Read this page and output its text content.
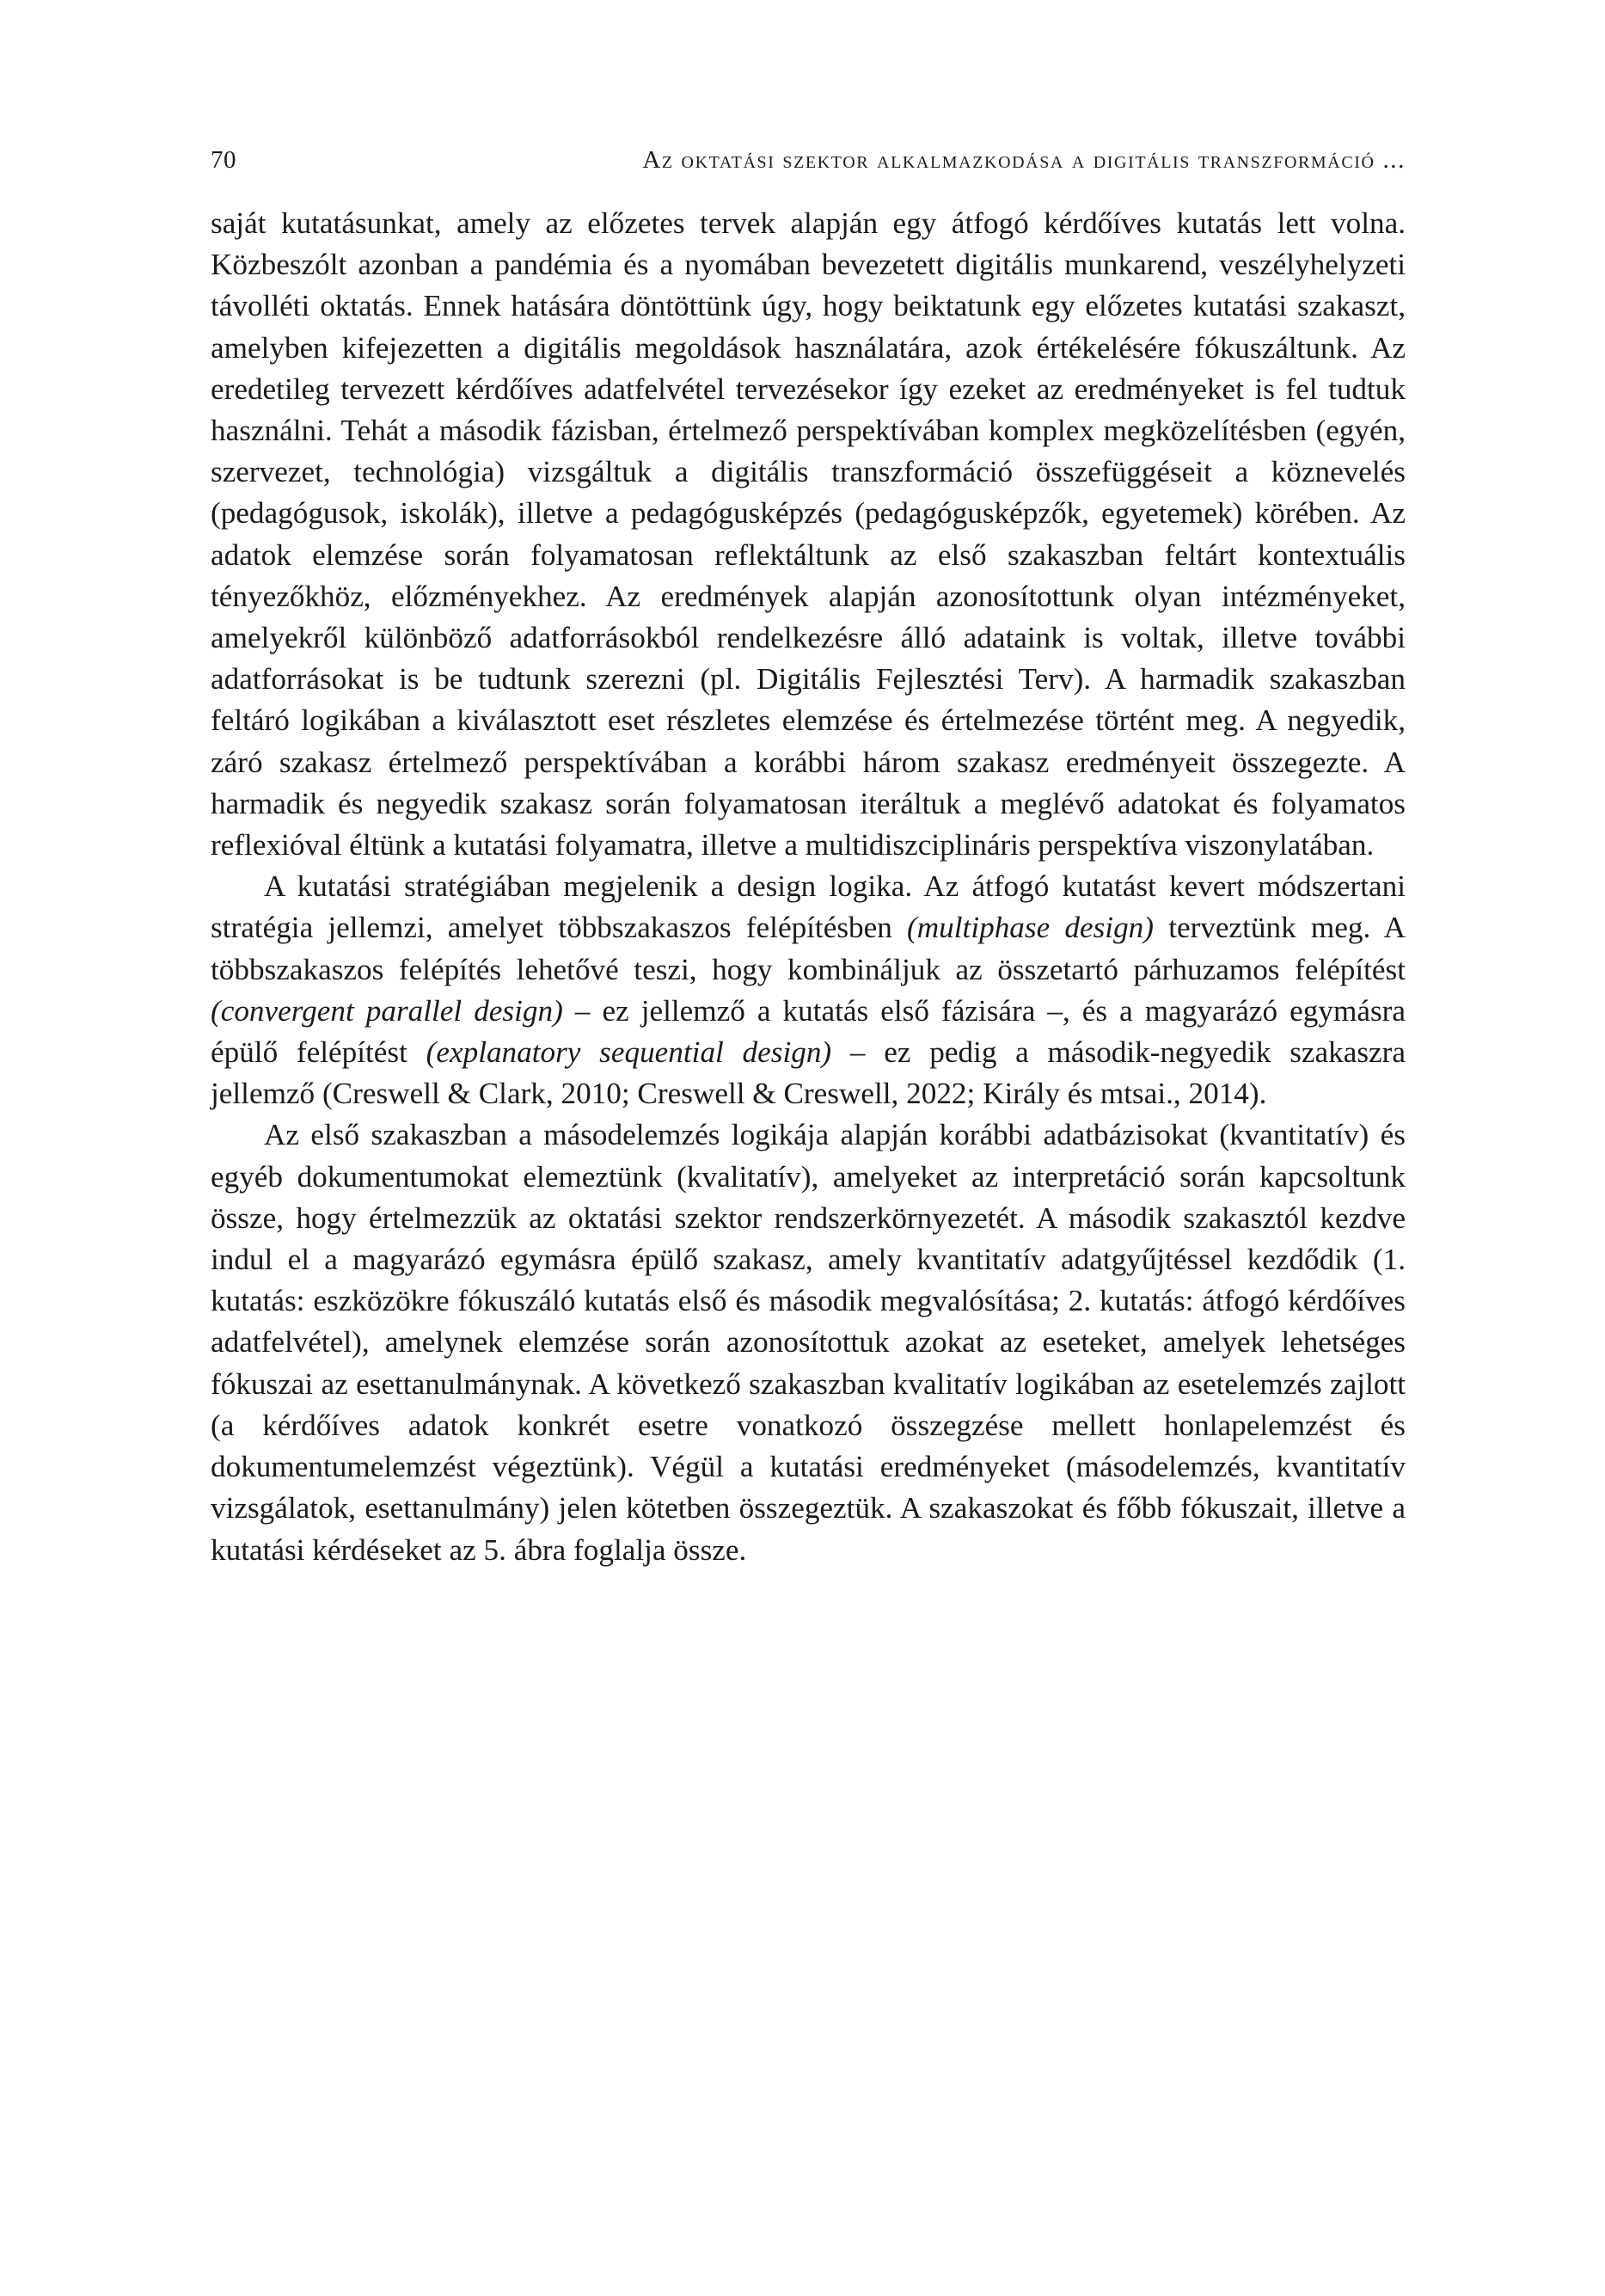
70	Az oktatási szektor alkalmazkodása a digitális transzformáció ...

saját kutatásunkat, amely az előzetes tervek alapján egy átfogó kérdőíves kutatás lett volna. Közbeszólt azonban a pandémia és a nyomában bevezetett digitális munkarend, veszélyhelyzeti távolléti oktatás. Ennek hatására döntöttünk úgy, hogy beiktatunk egy előzetes kutatási szakaszt, amelyben kifejezetten a digitális megoldások használatára, azok értékelésére fókuszáltunk. Az eredetileg tervezett kérdőíves adatfelvétel tervezésekor így ezeket az eredményeket is fel tudtuk használni. Tehát a második fázisban, értelmező perspektívában komplex megközelítésben (egyén, szervezet, technológia) vizsgáltuk a digitális transzformáció összefüggéseit a köznevelés (pedagógusok, iskolák), illetve a pedagógusképzés (pedagógusképzők, egyetemek) körében. Az adatok elemzése során folyamatosan reflektáltunk az első szakaszban feltárt kontextuális tényezőkhöz, előzményekhez. Az eredmények alapján azonosítottunk olyan intézményeket, amelyekről különböző adatforrásokból rendelkezésre álló adataink is voltak, illetve további adatforrásokat is be tudtunk szerezni (pl. Digitális Fejlesztési Terv). A harmadik szakaszban feltáró logikában a kiválasztott eset részletes elemzése és értelmezése történt meg. A negyedik, záró szakasz értelmező perspektívában a korábbi három szakasz eredményeit összegezte. A harmadik és negyedik szakasz során folyamatosan iteráltuk a meglévő adatokat és folyamatos reflexióval éltünk a kutatási folyamatra, illetve a multidiszciplináris perspektíva viszonylatában.

A kutatási stratégiában megjelenik a design logika. Az átfogó kutatást kevert módszertani stratégia jellemzi, amelyet többszakaszos felépítésben (multiphase design) terveztünk meg. A többszakaszos felépítés lehetővé teszi, hogy kombináljuk az összetartó párhuzamos felépítést (convergent parallel design) – ez jellemző a kutatás első fázisára –, és a magyarázó egymásra épülő felépítést (explanatory sequential design) – ez pedig a második-negyedik szakaszra jellemző (Creswell & Clark, 2010; Creswell & Creswell, 2022; Király és mtsai., 2014).

Az első szakaszban a másodelemzés logikája alapján korábbi adatbázisokat (kvantitatív) és egyéb dokumentumokat elemeztünk (kvalitatív), amelyeket az interpretáció során kapcsoltunk össze, hogy értelmezzük az oktatási szektor rendszerkörnyezetét. A második szakasztól kezdve indul el a magyarázó egymásra épülő szakasz, amely kvantitatív adatgyűjtéssel kezdődik (1. kutatás: eszközökre fókuszáló kutatás első és második megvalósítása; 2. kutatás: átfogó kérdőíves adatfelvétel), amelynek elemzése során azonosítottuk azokat az eseteket, amelyek lehetséges fókuszai az esettanulmánynak. A következő szakaszban kvalitatív logikában az esetelemzés zajlott (a kérdőíves adatok konkrét esetre vonatkozó összegzése mellett honlapelemzést és dokumentumelemzést végeztünk). Végül a kutatási eredményeket (másodelemzés, kvantitatív vizsgálatok, esettanulmány) jelen kötetben összegeztük. A szakaszokat és főbb fókuszait, illetve a kutatási kérdéseket az 5. ábra foglalja össze.
